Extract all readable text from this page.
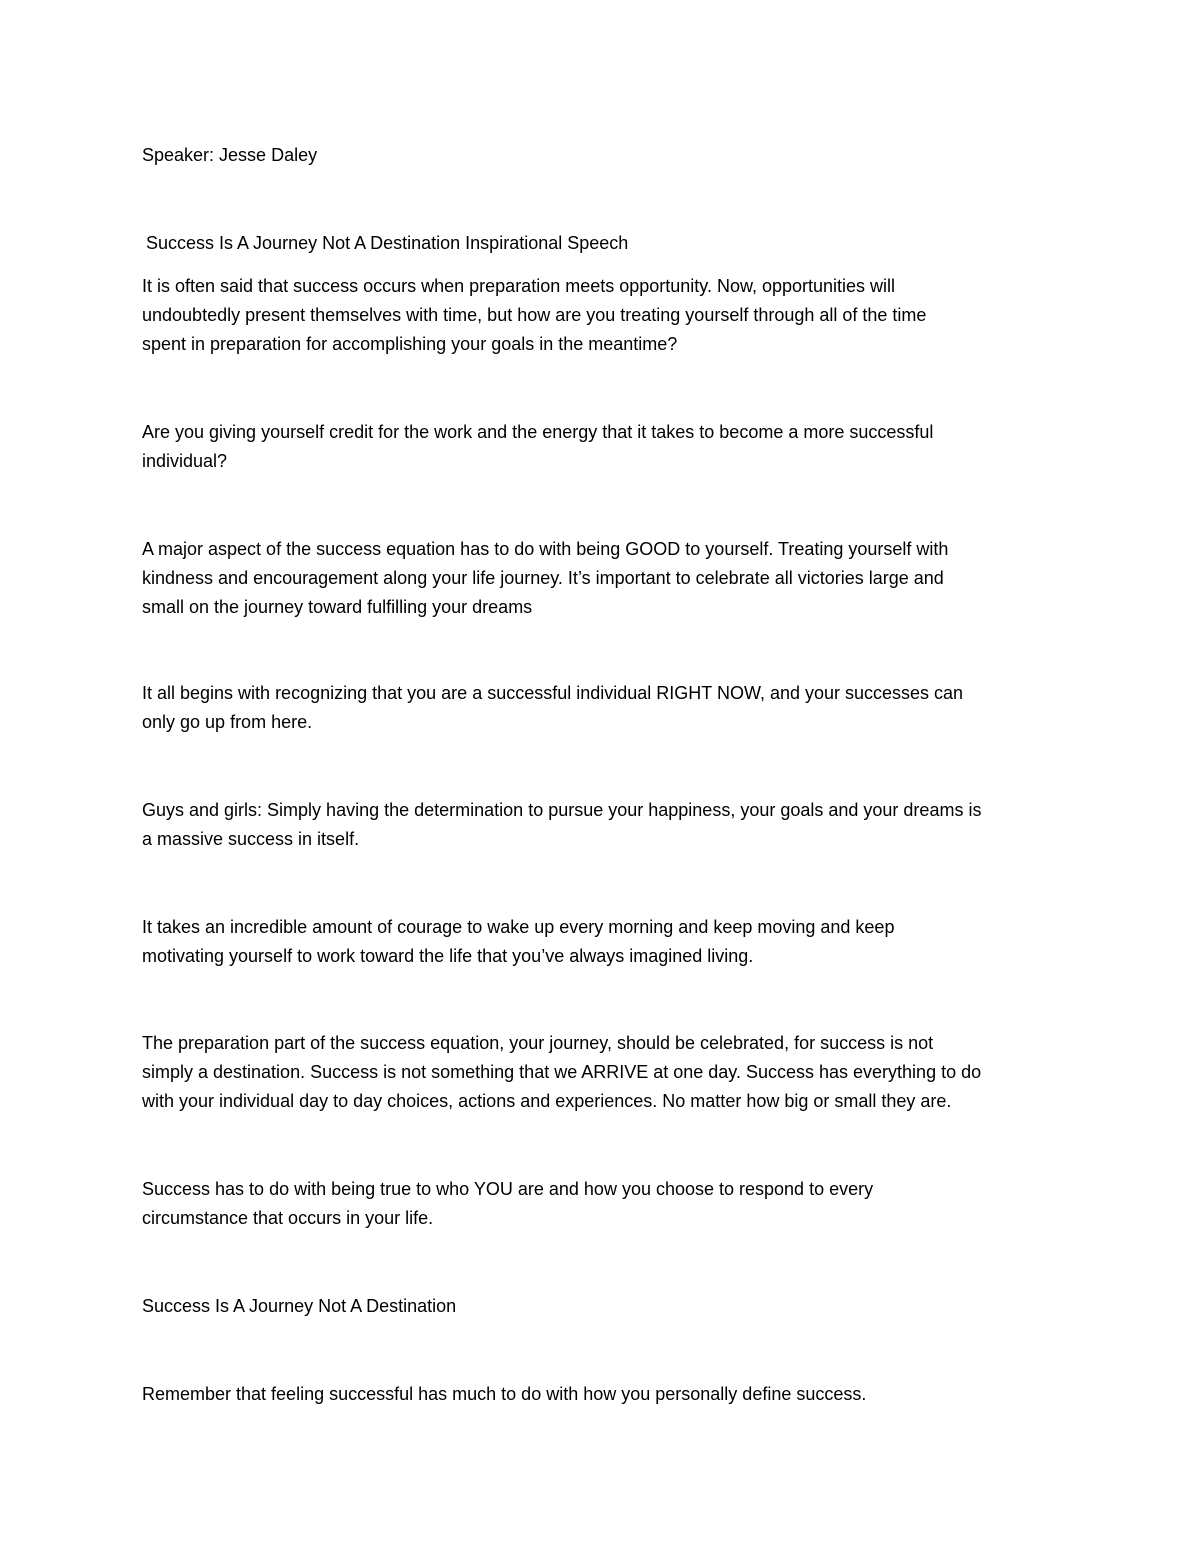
Speaker: Jesse Daley

Success Is A Journey Not A Destination Inspirational Speech

It is often said that success occurs when preparation meets opportunity. Now, opportunities will
undoubtedly present themselves with time, but how are you treating yourself through all of the time
spent in preparation for accomplishing your goals in the meantime?

Are you giving yourself credit for the work and the energy that it takes to become a more successful
individual?

A major aspect of the success equation has to do with being GOOD to yourself. Treating yourself with
kindness and encouragement along your life journey. It’s important to celebrate all victories large and
small on the journey toward fulfilling your dreams

It all begins with recognizing that you are a successful individual RIGHT NOW, and your successes can
only go up from here.

Guys and girls: Simply having the determination to pursue your happiness, your goals and your dreams is
a massive success in itself.

It takes an incredible amount of courage to wake up every morning and keep moving and keep
motivating yourself to work toward the life that you’ve always imagined living.

The preparation part of the success equation, your journey, should be celebrated, for success is not
simply a destination. Success is not something that we ARRIVE at one day. Success has everything to do
with your individual day to day choices, actions and experiences. No matter how big or small they are.

Success has to do with being true to who YOU are and how you choose to respond to every
circumstance that occurs in your life.

Success Is A Journey Not A Destination

Remember that feeling successful has much to do with how you personally define success.
